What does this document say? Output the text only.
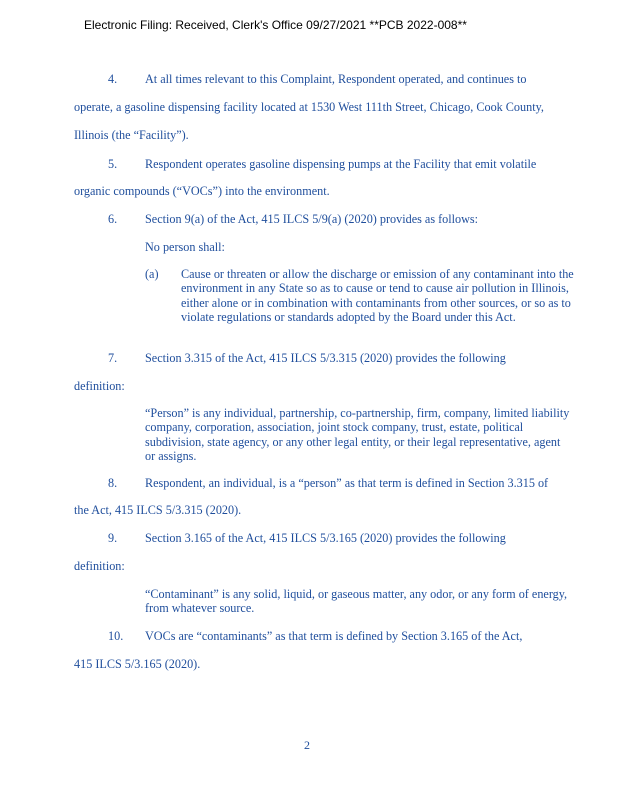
Electronic Filing: Received, Clerk's Office 09/27/2021 **PCB 2022-008**
4. At all times relevant to this Complaint, Respondent operated, and continues to
operate, a gasoline dispensing facility located at 1530 West 111th Street, Chicago, Cook County,
Illinois (the “Facility”).
5. Respondent operates gasoline dispensing pumps at the Facility that emit volatile
organic compounds (“VOCs”) into the environment.
6. Section 9(a) of the Act, 415 ILCS 5/9(a) (2020) provides as follows:
No person shall:
(a) Cause or threaten or allow the discharge or emission of any contaminant into the environment in any State so as to cause or tend to cause air pollution in Illinois, either alone or in combination with contaminants from other sources, or so as to violate regulations or standards adopted by the Board under this Act.
7. Section 3.315 of the Act, 415 ILCS 5/3.315 (2020) provides the following
definition:
“Person” is any individual, partnership, co-partnership, firm, company, limited liability company, corporation, association, joint stock company, trust, estate, political subdivision, state agency, or any other legal entity, or their legal representative, agent or assigns.
8. Respondent, an individual, is a “person” as that term is defined in Section 3.315 of
the Act, 415 ILCS 5/3.315 (2020).
9. Section 3.165 of the Act, 415 ILCS 5/3.165 (2020) provides the following
definition:
“Contaminant” is any solid, liquid, or gaseous matter, any odor, or any form of energy, from whatever source.
10. VOCs are “contaminants” as that term is defined by Section 3.165 of the Act,
415 ILCS 5/3.165 (2020).
2
